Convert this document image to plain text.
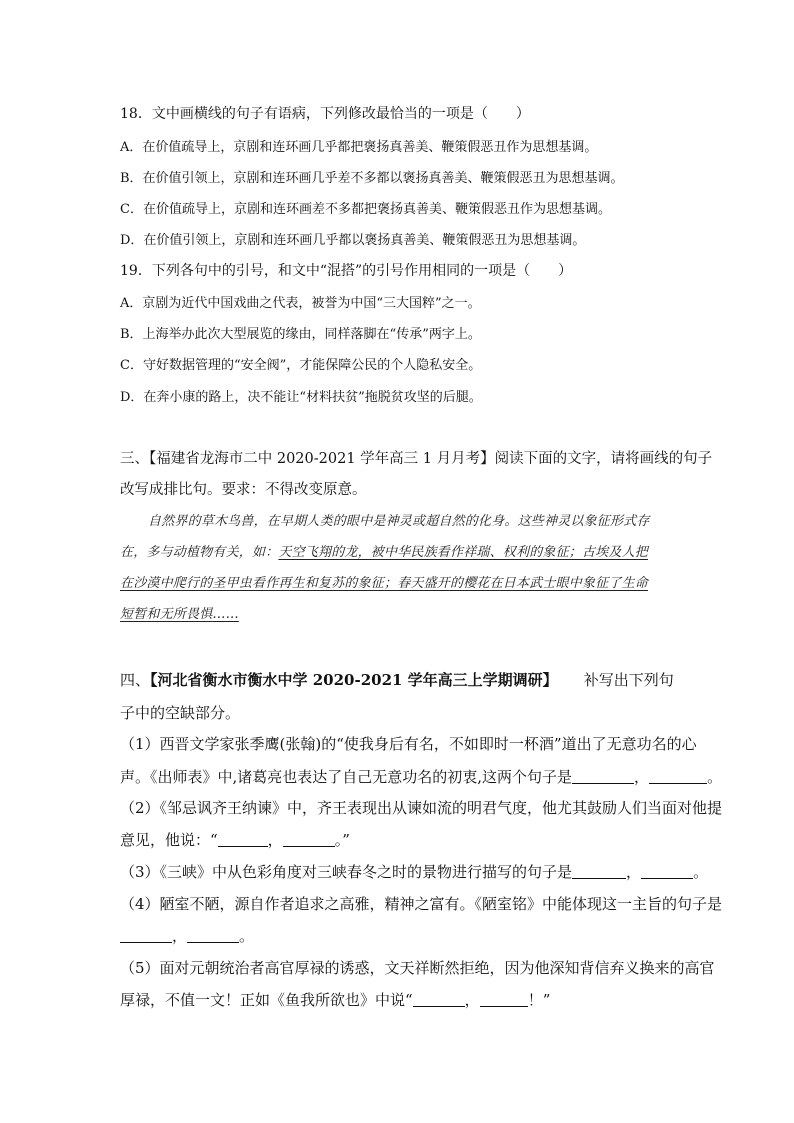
18．文中画横线的句子有语病，下列修改最恰当的一项是（　　）
A．在价值疏导上，京剧和连环画几乎都把褒扬真善美、鞭策假恶丑作为思想基调。
B．在价值引领上，京剧和连环画几乎差不多都以褒扬真善美、鞭策假恶丑为思想基调。
C．在价值疏导上，京剧和连环画差不多都把褒扬真善美、鞭策假恶丑作为思想基调。
D．在价值引领上，京剧和连环画几乎都以褒扬真善美、鞭策假恶丑为思想基调。
19．下列各句中的引号，和文中“混搭”的引号作用相同的一项是（　　）
A．京剧为近代中国戏曲之代表，被誉为中国“三大国粹”之一。
B．上海举办此次大型展览的缘由，同样落脚在“传承”两字上。
C．守好数据管理的“安全阀”，才能保障公民的个人隐私安全。
D．在奔小康的路上，决不能让“材料扶贫”拖脱贫攻坚的后腿。
三、【福建省龙海市二中 2020-2021 学年高三 1 月月考】阅读下面的文字，请将画线的句子
改写成排比句。要求：不得改变原意。
自然界的草木鸟兽，在早期人类的眼中是神灵或超自然的化身。这些神灵以象征形式存
在，多与动植物有关，如：天空飞翔的龙，被中华民族看作祥瑞、权利的象征；古埃及人把
在沙漠中爬行的圣甲虫看作再生和复苏的象征；春天盛开的樱花在日本武士眼中象征了生命
短暂和无所畏惧……
四、【河北省衡水市衡水中学 2020-2021 学年高三上学期调研】 补写出下列句
子中的空缺部分。
（1）西晋文学家张季鹰(张翰)的“使我身后有名，不如即时一杯酒”道出了无意功名的心
声。《出师表》中,诸葛亮也表达了自己无意功名的初衷,这两个句子是	，	。
（2）《邹忌讽齐王纳谏》中，齐王表现出从谏如流的明君气度，他尤其鼓励人们当面对他提
意见，他说：“	，	。”
（3）《三峡》中从色彩角度对三峡春冬之时的景物进行描写的句子是	，	。
（4）陋室不陋，源自作者追求之高雅，精神之富有。《陋室铭》中能体现这一主旨的句子是
，	。
（5）面对元朝统治者高官厚禄的诱惑，文天祥断然拒绝，因为他深知背信弃义换来的高官
厚禄，不值一文！正如《鱼我所欲也》中说“	，	！”
